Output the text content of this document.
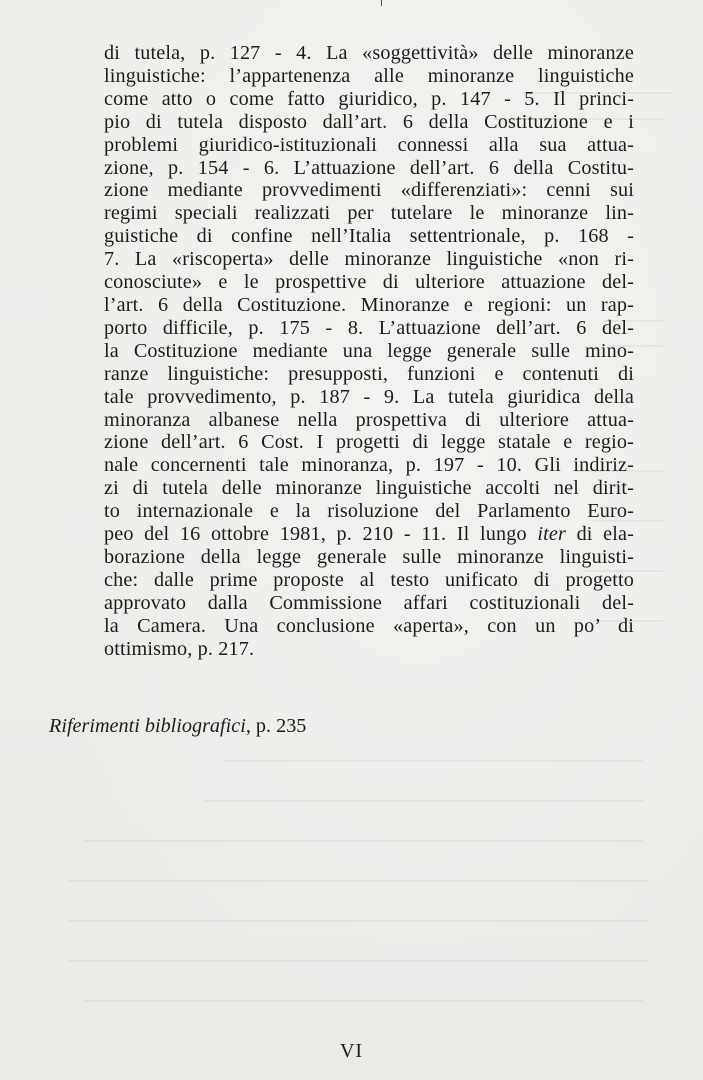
di tutela, p. 127 - 4. La «soggettività» delle minoranze
linguistiche: l’appartenenza alle minoranze linguistiche
come atto o come fatto giuridico, p. 147 - 5. Il princi-
pio di tutela disposto dall’art. 6 della Costituzione e i
problemi giuridico-istituzionali connessi alla sua attua-
zione, p. 154 - 6. L’attuazione dell’art. 6 della Costitu-
zione mediante provvedimenti «differenziati»: cenni sui
regimi speciali realizzati per tutelare le minoranze lin-
guistiche di confine nell’Italia settentrionale, p. 168 -
7. La «riscoperta» delle minoranze linguistiche «non ri-
conosciute» e le prospettive di ulteriore attuazione del-
l’art. 6 della Costituzione. Minoranze e regioni: un rap-
porto difficile, p. 175 - 8. L’attuazione dell’art. 6 del-
la Costituzione mediante una legge generale sulle mino-
ranze linguistiche: presupposti, funzioni e contenuti di
tale provvedimento, p. 187 - 9. La tutela giuridica della
minoranza albanese nella prospettiva di ulteriore attua-
zione dell’art. 6 Cost. I progetti di legge statale e regio-
nale concernenti tale minoranza, p. 197 - 10. Gli indiriz-
zi di tutela delle minoranze linguistiche accolti nel dirit-
to internazionale e la risoluzione del Parlamento Euro-
peo del 16 ottobre 1981, p. 210 - 11. Il lungo iter di ela-
borazione della legge generale sulle minoranze linguisti-
che: dalle prime proposte al testo unificato di progetto
approvato dalla Commissione affari costituzionali del-
la Camera. Una conclusione «aperta», con un po’ di
ottimismo, p. 217.
Riferimenti bibliografici, p. 235
VI
